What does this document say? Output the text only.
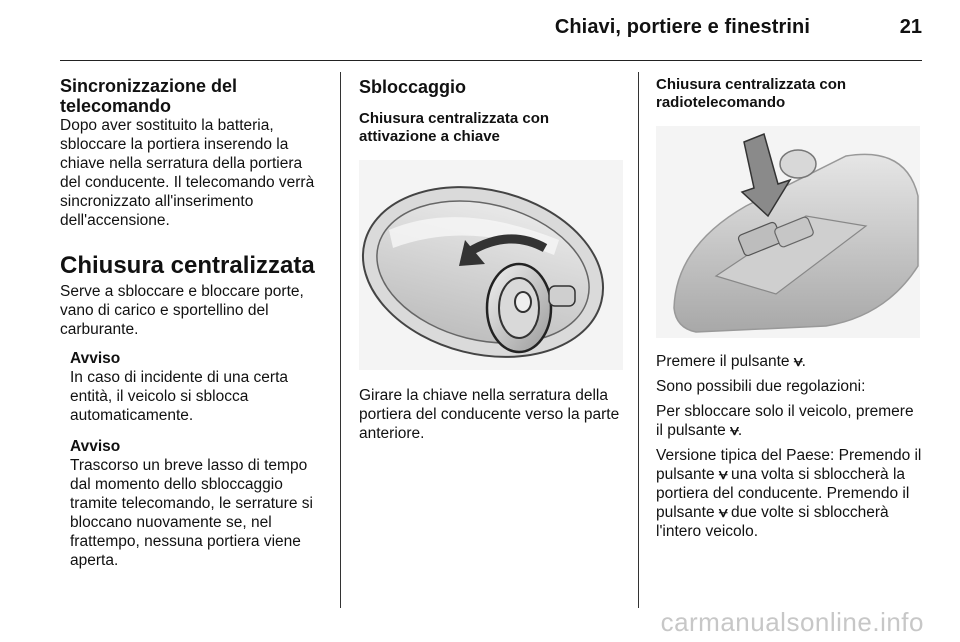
Chiavi, portiere e finestrini	21
Sincronizzazione del telecomando

Dopo aver sostituito la batteria, sbloccare la portiera inserendo la chiave nella serratura della portiera del conducente. Il telecomando verrà sincronizzato all'inserimento dell'accensione.

Chiusura centralizzata

Serve a sbloccare e bloccare porte, vano di carico e sportellino del carburante.

Avviso
In caso di incidente di una certa entità, il veicolo si sblocca automaticamente.
Avviso
Trascorso un breve lasso di tempo dal momento dello sbloccaggio tramite telecomando, le serrature si bloccano nuovamente se, nel frattempo, nessuna portiera viene aperta.
Sbloccaggio
Chiusura centralizzata con attivazione a chiave

Girare la chiave nella serratura della portiera del conducente verso la parte anteriore.

Chiusura centralizzata con radiotelecomando

Premere il pulsante ⩝.

Sono possibili due regolazioni:

Per sbloccare solo il veicolo, premere il pulsante ⩝.

Versione tipica del Paese: Premendo il pulsante ⩝ una volta si sbloccherà la portiera del conducente. Premendo il pulsante ⩝ due volte si sbloccherà l'intero veicolo.

carmanualsonline.info
